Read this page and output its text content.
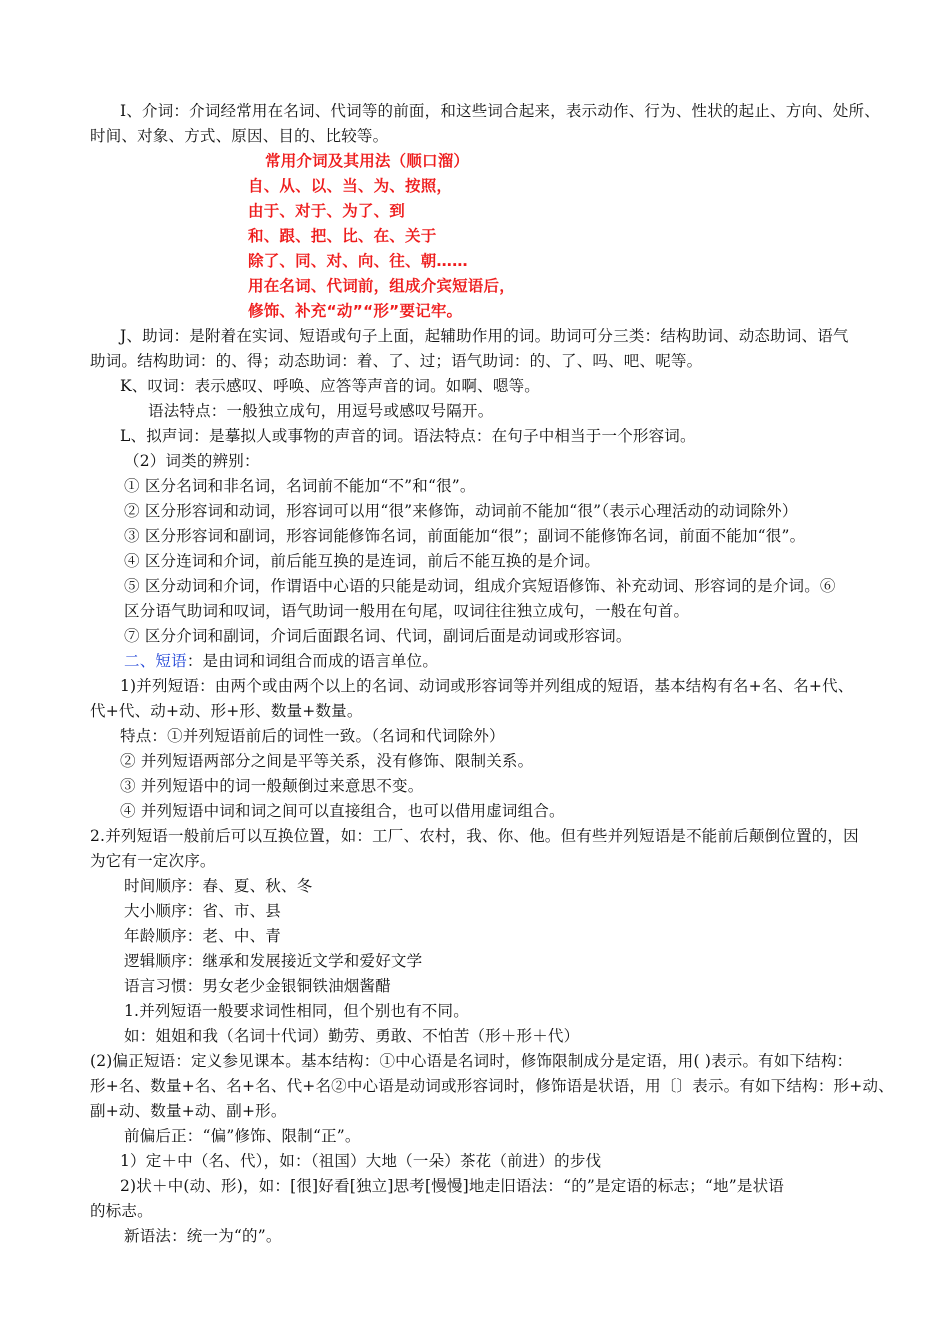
I、介词：介词经常用在名词、代词等的前面，和这些词合起来，表示动作、行为、性状的起止、方向、处所、
时间、对象、方式、原因、目的、比较等。
常用介词及其用法（顺口溜）
自、从、以、当、为、按照，
由于、对于、为了、到
和、跟、把、比、在、关于
除了、同、对、向、往、朝……
用在名词、代词前，组成介宾短语后，
修饰、补充“动”“形”要记牢。
J、助词：是附着在实词、短语或句子上面，起辅助作用的词。助词可分三类：结构助词、动态助词、语气
助词。结构助词：的、得；动态助词：着、了、过；语气助词：的、了、吗、吧、呢等。
K、叹词：表示感叹、呼唤、应答等声音的词。如啊、嗯等。
语法特点：一般独立成句，用逗号或感叹号隔开。
L、拟声词：是摹拟人或事物的声音的词。语法特点：在句子中相当于一个形容词。
（2）词类的辨别：
① 区分名词和非名词，名词前不能加“不”和“很”。
② 区分形容词和动词，形容词可以用“很”来修饰，动词前不能加“很”（表示心理活动的动词除外）
③ 区分形容词和副词，形容词能修饰名词，前面能加“很”；副词不能修饰名词，前面不能加“很”。
④ 区分连词和介词，前后能互换的是连词，前后不能互换的是介词。
⑤ 区分动词和介词，作谓语中心语的只能是动词，组成介宾短语修饰、补充动词、形容词的是介词。⑥
区分语气助词和叹词，语气助词一般用在句尾，叹词往往独立成句，一般在句首。
⑦ 区分介词和副词，介词后面跟名词、代词，副词后面是动词或形容词。
二、短语：是由词和词组合而成的语言单位。
1)并列短语：由两个或由两个以上的名词、动词或形容词等并列组成的短语，基本结构有名+名、名+代、
代+代、动+动、形+形、数量+数量。
特点：①并列短语前后的词性一致。（名词和代词除外）
② 并列短语两部分之间是平等关系，没有修饰、限制关系。
③ 并列短语中的词一般颠倒过来意思不变。
④ 并列短语中词和词之间可以直接组合，也可以借用虚词组合。
2.并列短语一般前后可以互换位置，如：工厂、农村，我、你、他。但有些并列短语是不能前后颠倒位置的，因
为它有一定次序。
时间顺序：春、夏、秋、冬
大小顺序：省、市、县
年龄顺序：老、中、青
逻辑顺序：继承和发展接近文学和爱好文学
语言习惯：男女老少金银铜铁油烟酱醋
1.并列短语一般要求词性相同，但个别也有不同。
如：姐姐和我（名词十代词）勤劳、勇敢、不怕苦（形＋形＋代）
(2)偏正短语：定义参见课本。基本结构：①中心语是名词时，修饰限制成分是定语，用( )表示。有如下结构：
形+名、数量+名、名+名、代+名②中心语是动词或形容词时，修饰语是状语，用〔〕表示。有如下结构：形+动、
副+动、数量+动、副+形。
前偏后正：“偏”修饰、限制“正”。
1）定＋中（名、代），如：（祖国）大地（一朵）茶花（前进）的步伐
2)状＋中(动、形)，如：[很]好看[独立]思考[慢慢]地走旧语法：“的”是定语的标志；“地”是状语
的标志。
新语法：统一为“的”。
